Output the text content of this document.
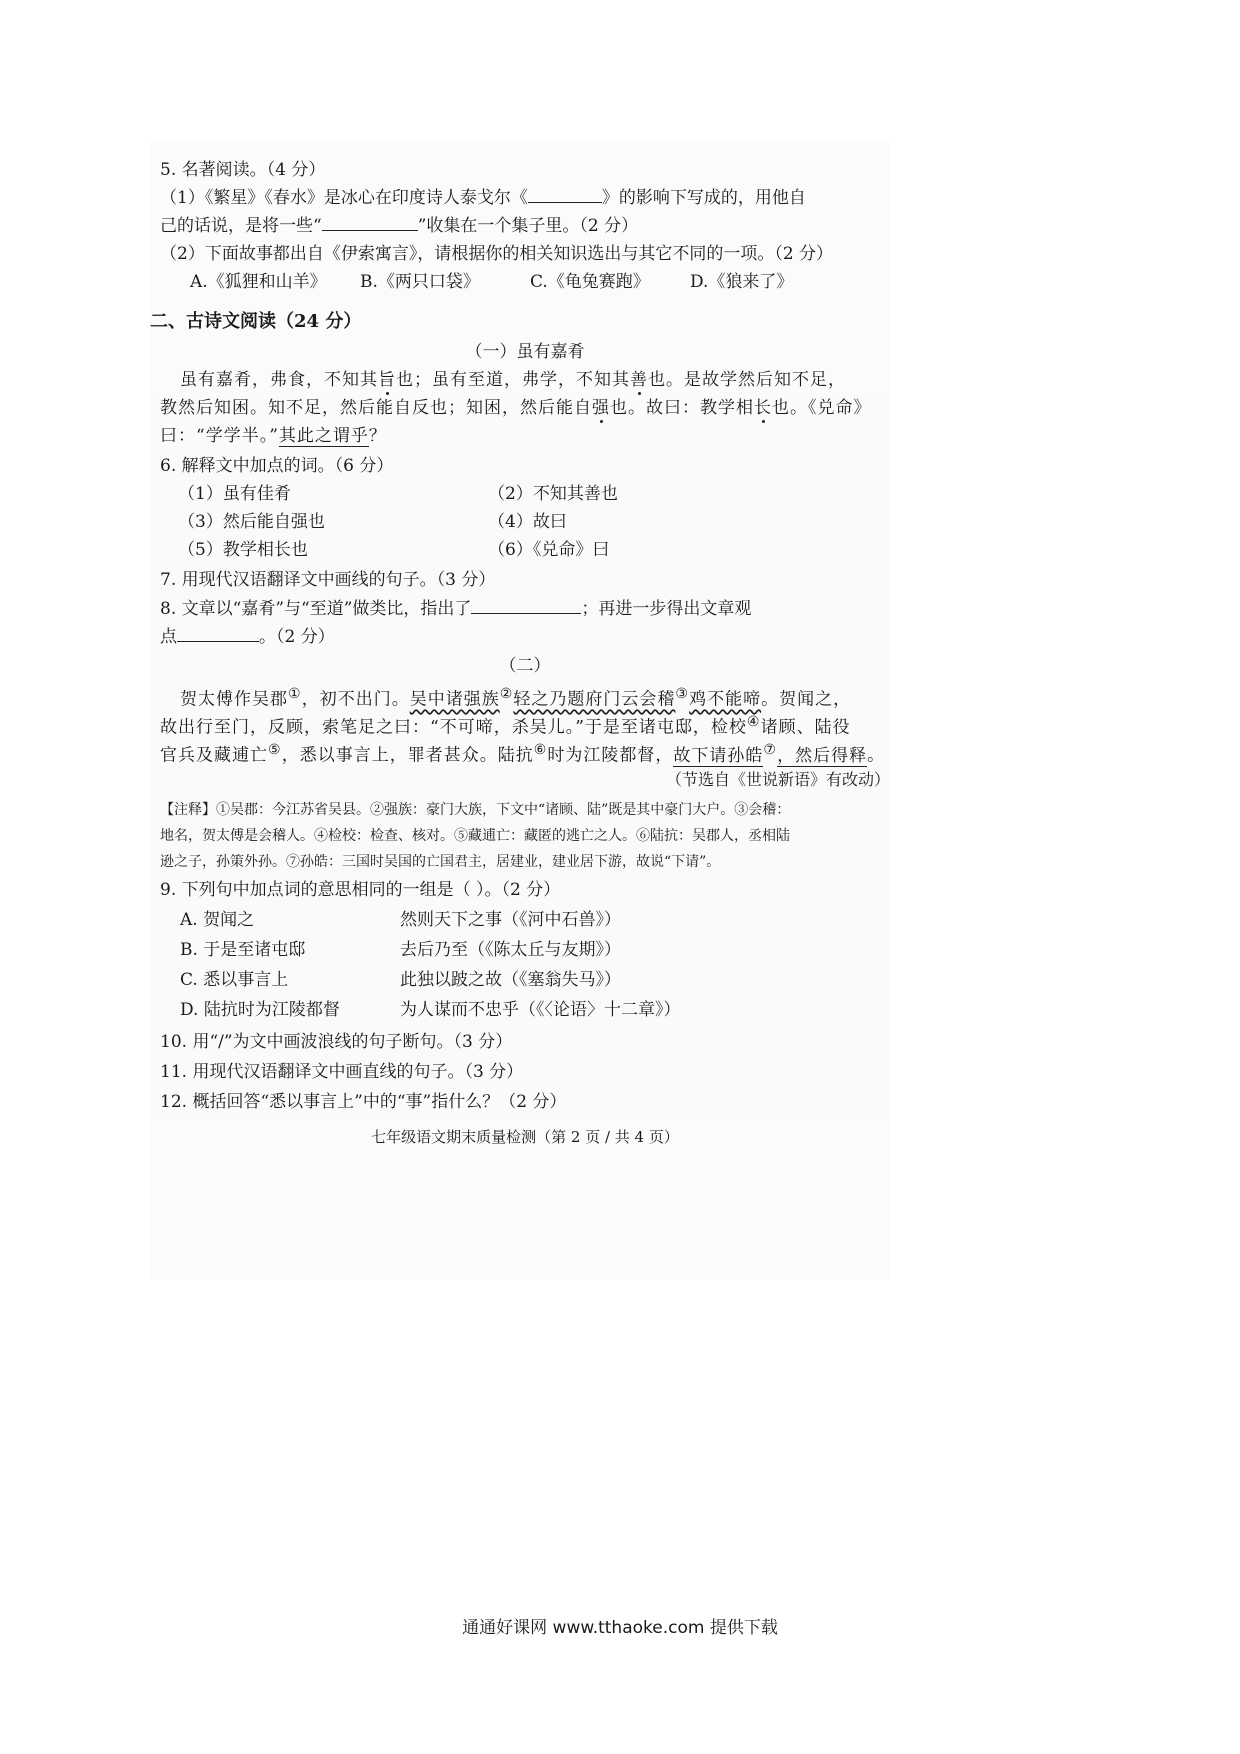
5. 名著阅读。（4 分）
（1）《繁星》《春水》是冰心在印度诗人泰戈尔《	》的影响下写成的，用他自
己的话说，是将一些“	”收集在一个集子里。（2 分）
（2）下面故事都出自《伊索寓言》，请根据你的相关知识选出与其它不同的一项。（2 分）
A.《狐狸和山羊》 B.《两只口袋》	C.《龟兔赛跑》 D.《狼来了》
二、古诗文阅读（24 分）
（一）虽有嘉肴
虽有嘉肴，弗食，不知其旨也；虽有至道，弗学，不知其善也。是故学然后知不足，
教然后知困。知不足，然后能自反也；知困，然后能自强也。故曰：教学相长也。《兑命》
曰：“学学半。”其此之谓乎？
6. 解释文中加点的词。（6 分）
（1）虽有佳肴	（2）不知其善也
（3）然后能自强也	（4）故曰
（5）教学相长也	（6）《兑命》曰
7. 用现代汉语翻译文中画线的句子。（3 分）
8. 文章以“嘉肴”与“至道”做类比，指出了	；再进一步得出文章观
点	。（2 分）
（二）
贺太傅作吴郡①，初不出门。吴中诸强族②轻之乃题府门云会稽③鸡不能啼。贺闻之，
故出行至门，反顾，索笔足之曰：“不可啼，杀吴儿。”于是至诸屯邸，检校④诸顾、陆役
官兵及藏逋亡⑤，悉以事言上，罪者甚众。陆抗⑥时为江陵都督，故下请孙皓⑦，然后得释。
（节选自《世说新语》有改动）
【注释】①吴郡：今江苏省吴县。②强族：豪门大族，下文中“诸顾、陆”既是其中豪门大户。③会稽：
地名，贺太傅是会稽人。④检校：检查、核对。⑤藏逋亡：藏匿的逃亡之人。⑥陆抗：吴郡人，丞相陆
逊之子，孙策外孙。⑦孙皓：三国时吴国的亡国君主，居建业，建业居下游，故说“下请”。
9. 下列句中加点词的意思相同的一组是（ ）。（2 分）
A. 贺闻之	然则天下之事（《河中石兽》）
B. 于是至诸屯邸	去后乃至（《陈太丘与友期》）
C. 悉以事言上	此独以跛之故（《塞翁失马》）
D. 陆抗时为江陵都督	为人谋而不忠乎（《〈论语〉十二章》）
10. 用“/”为文中画波浪线的句子断句。（3 分）
11. 用现代汉语翻译文中画直线的句子。（3 分）
12. 概括回答“悉以事言上”中的“事”指什么？（2 分）
七年级语文期末质量检测（第 2 页 / 共 4 页）
通通好课网 www.tthaoke.com 提供下载
